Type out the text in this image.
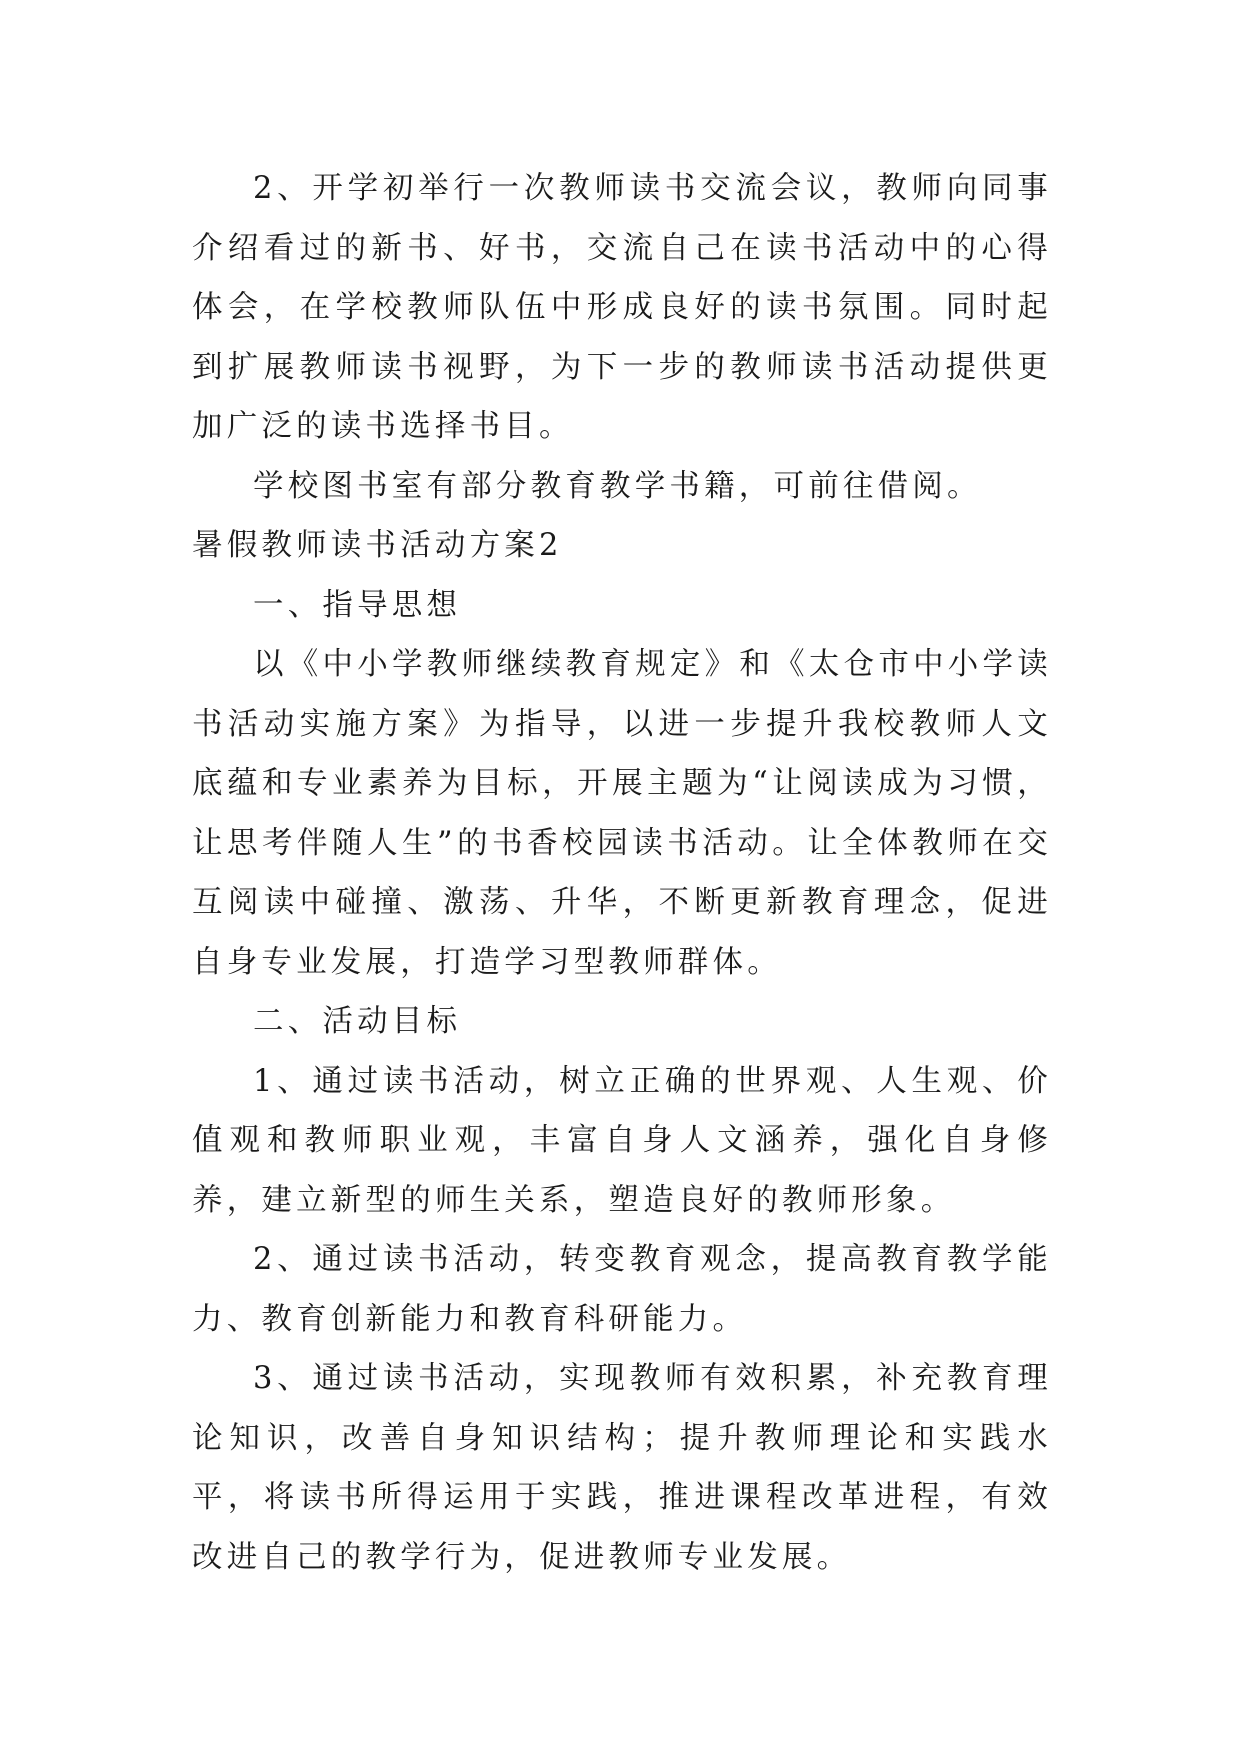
2、开学初举行一次教师读书交流会议，教师向同事介绍看过的新书、好书，交流自己在读书活动中的心得体会，在学校教师队伍中形成良好的读书氛围。同时起到扩展教师读书视野，为下一步的教师读书活动提供更加广泛的读书选择书目。

学校图书室有部分教育教学书籍，可前往借阅。

暑假教师读书活动方案2

一、指导思想

以《中小学教师继续教育规定》和《太仓市中小学读书活动实施方案》为指导，以进一步提升我校教师人文底蕴和专业素养为目标，开展主题为“让阅读成为习惯，让思考伴随人生”的书香校园读书活动。让全体教师在交互阅读中碰撞、激荡、升华，不断更新教育理念，促进自身专业发展，打造学习型教师群体。

二、活动目标

1、通过读书活动，树立正确的世界观、人生观、价值观和教师职业观，丰富自身人文涵养，强化自身修养，建立新型的师生关系，塑造良好的教师形象。

2、通过读书活动，转变教育观念，提高教育教学能力、教育创新能力和教育科研能力。

3、通过读书活动，实现教师有效积累，补充教育理论知识，改善自身知识结构；提升教师理论和实践水平，将读书所得运用于实践，推进课程改革进程，有效改进自己的教学行为，促进教师专业发展。
